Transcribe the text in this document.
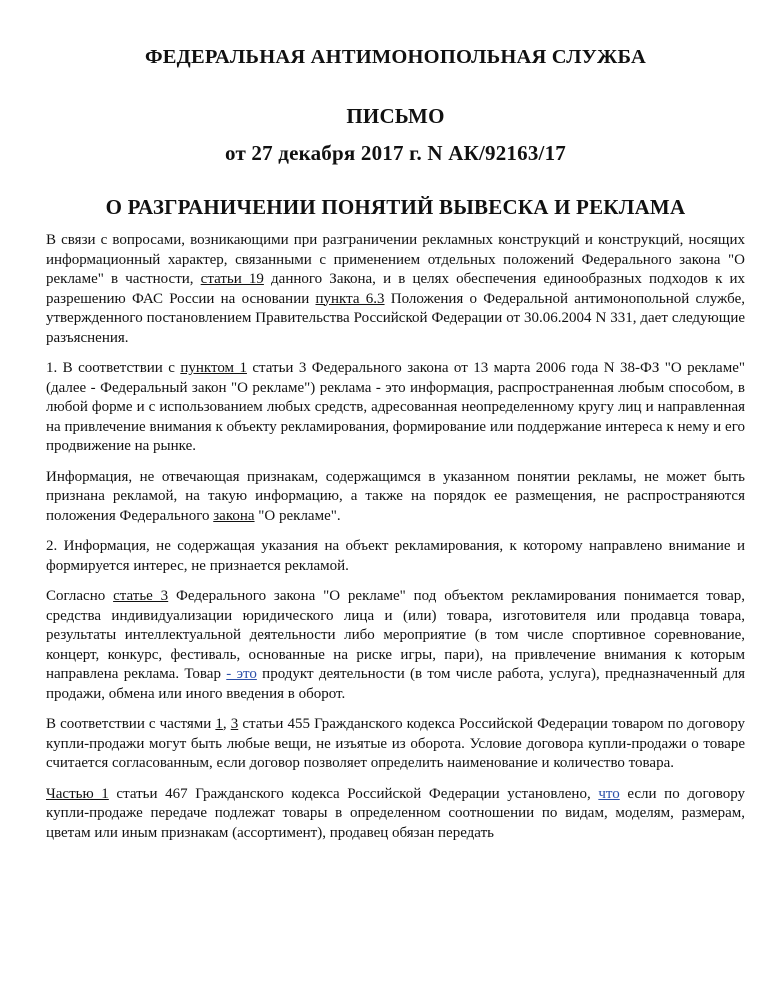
ФЕДЕРАЛЬНАЯ АНТИМОНОПОЛЬНАЯ СЛУЖБА
ПИСЬМО
от 27 декабря 2017 г. N АК/92163/17
О РАЗГРАНИЧЕНИИ ПОНЯТИЙ ВЫВЕСКА И РЕКЛАМА

В связи с вопросами, возникающими при разграничении рекламных конструкций и конструкций, носящих информационный характер, связанными с применением отдельных положений Федерального закона "О рекламе" в частности, статьи 19 данного Закона, и в целях обеспечения единообразных подходов к их разрешению ФАС России на основании пункта 6.3 Положения о Федеральной антимонопольной службе, утвержденного постановлением Правительства Российской Федерации от 30.06.2004 N 331, дает следующие разъяснения.

1. В соответствии с пунктом 1 статьи 3 Федерального закона от 13 марта 2006 года N 38-ФЗ "О рекламе" (далее - Федеральный закон "О рекламе") реклама - это информация, распространенная любым способом, в любой форме и с использованием любых средств, адресованная неопределенному кругу лиц и направленная на привлечение внимания к объекту рекламирования, формирование или поддержание интереса к нему и его продвижение на рынке.

Информация, не отвечающая признакам, содержащимся в указанном понятии рекламы, не может быть признана рекламой, на такую информацию, а также на порядок ее размещения, не распространяются положения Федерального закона "О рекламе".

2. Информация, не содержащая указания на объект рекламирования, к которому направлено внимание и формируется интерес, не признается рекламой.

Согласно статье 3 Федерального закона "О рекламе" под объектом рекламирования понимается товар, средства индивидуализации юридического лица и (или) товара, изготовителя или продавца товара, результаты интеллектуальной деятельности либо мероприятие (в том числе спортивное соревнование, концерт, конкурс, фестиваль, основанные на риске игры, пари), на привлечение внимания к которым направлена реклама. Товар - это продукт деятельности (в том числе работа, услуга), предназначенный для продажи, обмена или иного введения в оборот.

В соответствии с частями 1, 3 статьи 455 Гражданского кодекса Российской Федерации товаром по договору купли-продажи могут быть любые вещи, не изъятые из оборота. Условие договора купли-продажи о товаре считается согласованным, если договор позволяет определить наименование и количество товара.

Частью 1 статьи 467 Гражданского кодекса Российской Федерации установлено, что если по договору купли-продаже передаче подлежат товары в определенном соотношении по видам, моделям, размерам, цветам или иным признакам (ассортимент), продавец обязан передать
